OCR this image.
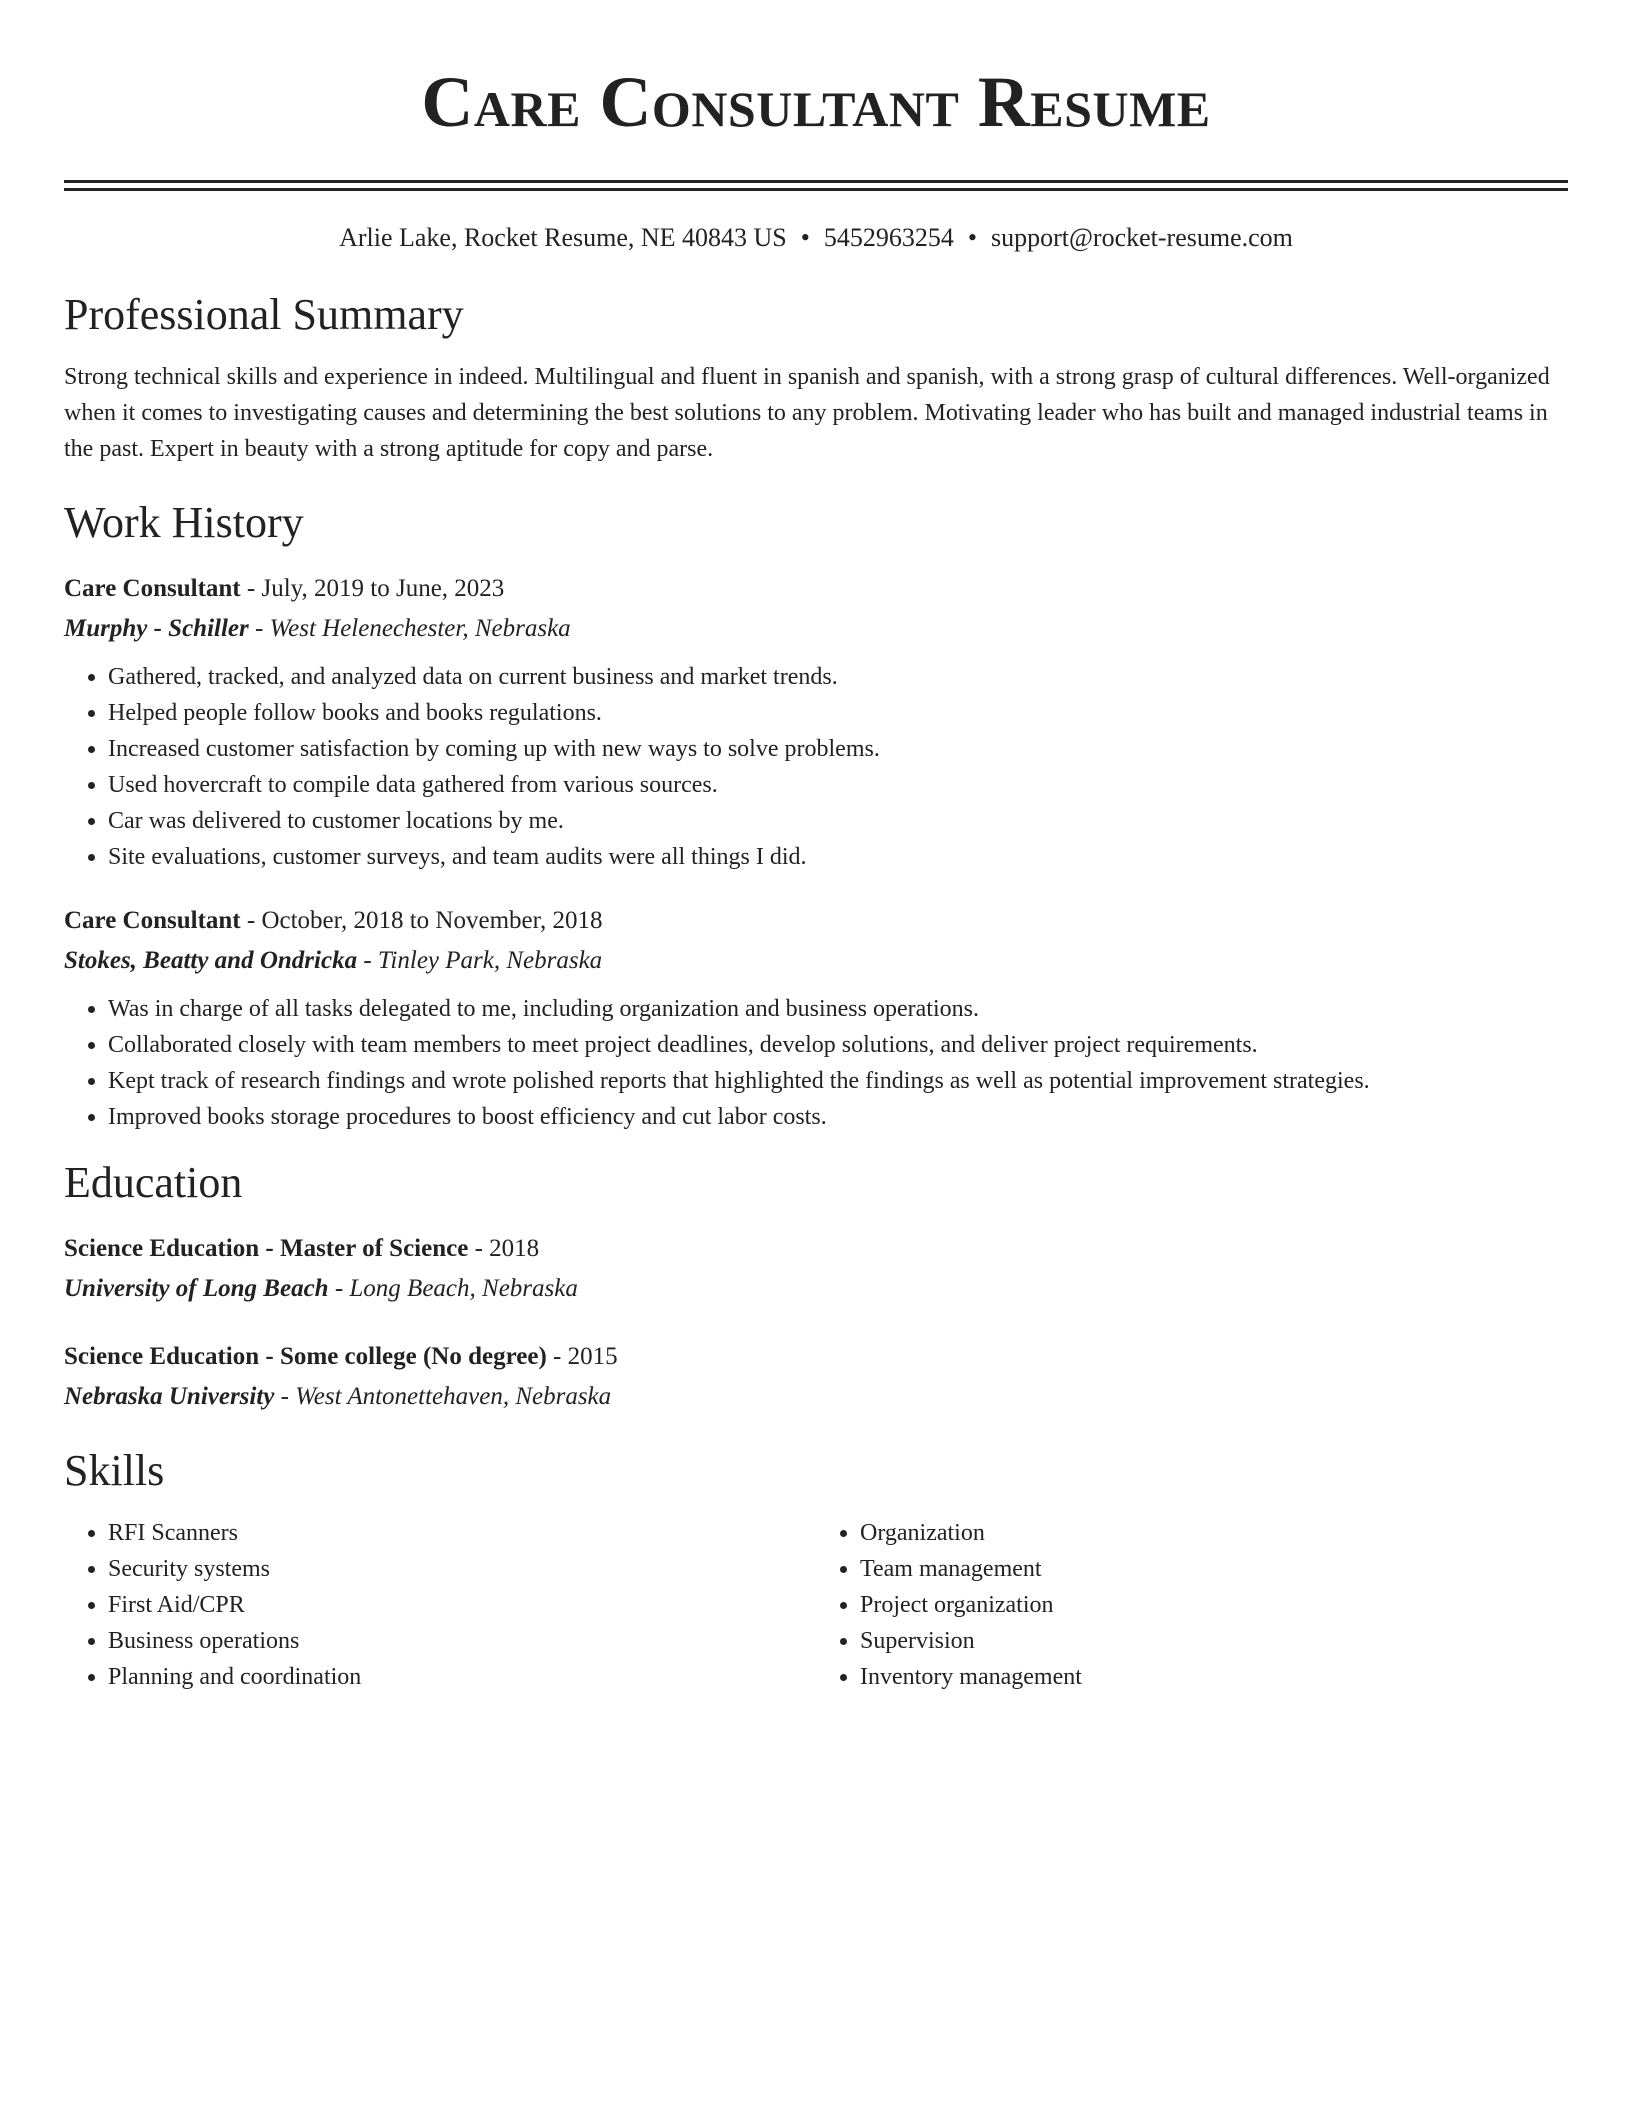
Care Consultant Resume
Arlie Lake, Rocket Resume, NE 40843 US • 5452963254 • support@rocket-resume.com
Professional Summary

Strong technical skills and experience in indeed. Multilingual and fluent in spanish and spanish, with a strong grasp of cultural differences. Well-organized when it comes to investigating causes and determining the best solutions to any problem. Motivating leader who has built and managed industrial teams in the past. Expert in beauty with a strong aptitude for copy and parse.

Work History
Care Consultant - July, 2019 to June, 2023
Murphy - Schiller - West Helenechester, Nebraska
• Gathered, tracked, and analyzed data on current business and market trends.
• Helped people follow books and books regulations.
• Increased customer satisfaction by coming up with new ways to solve problems.
• Used hovercraft to compile data gathered from various sources.
• Car was delivered to customer locations by me.
• Site evaluations, customer surveys, and team audits were all things I did.
Care Consultant - October, 2018 to November, 2018
Stokes, Beatty and Ondricka - Tinley Park, Nebraska
• Was in charge of all tasks delegated to me, including organization and business operations.
• Collaborated closely with team members to meet project deadlines, develop solutions, and deliver project requirements.
• Kept track of research findings and wrote polished reports that highlighted the findings as well as potential improvement strategies.
• Improved books storage procedures to boost efficiency and cut labor costs.
Education
Science Education - Master of Science - 2018
University of Long Beach - Long Beach, Nebraska
Science Education - Some college (No degree) - 2015
Nebraska University - West Antonettehaven, Nebraska
Skills
• RFI Scanners
• Security systems
• First Aid/CPR
• Business operations
• Planning and coordination
• Organization
• Team management
• Project organization
• Supervision
• Inventory management
